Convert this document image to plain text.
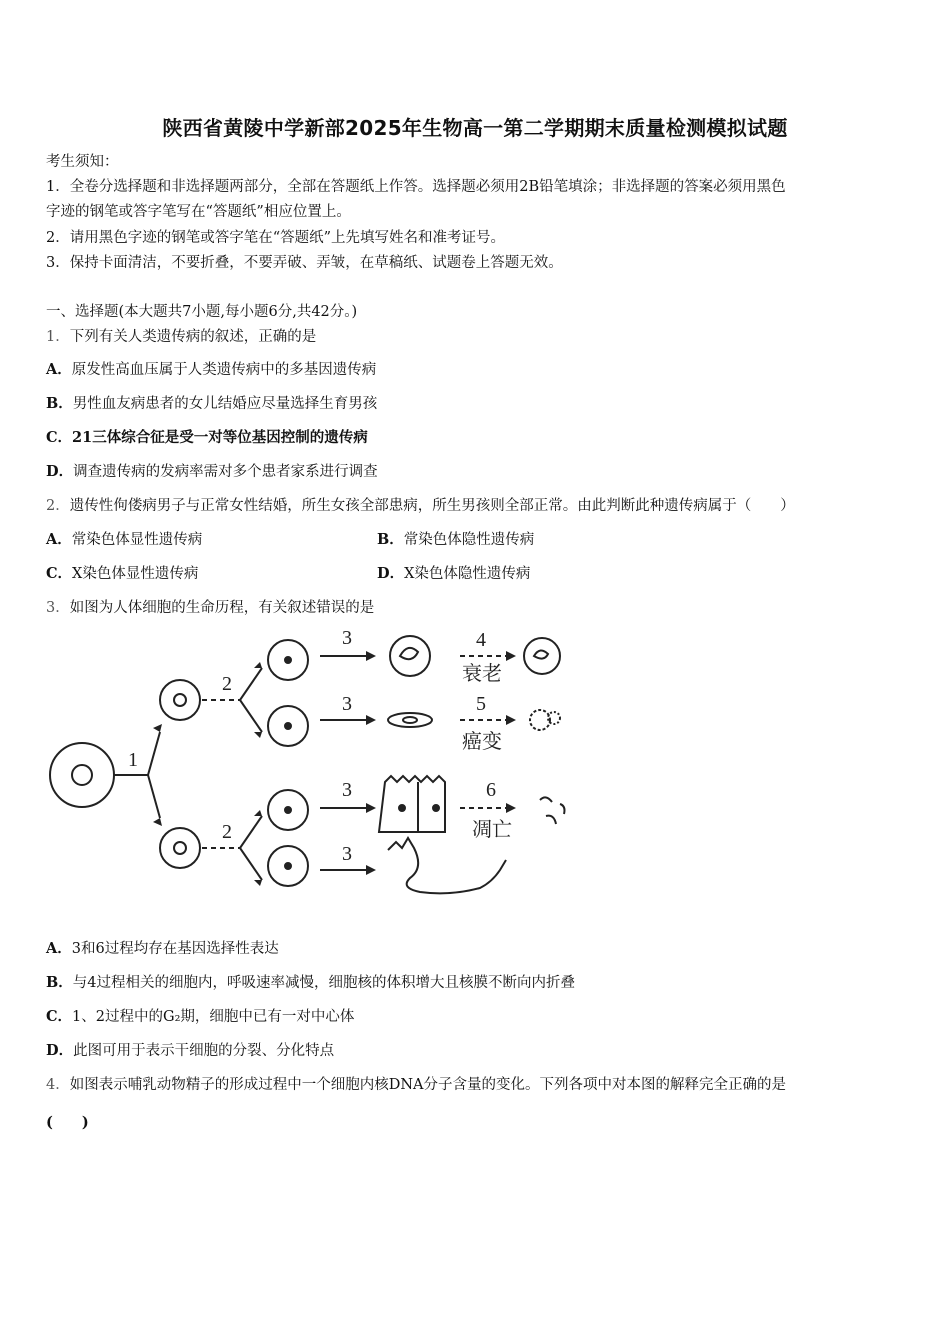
陕西省黄陵中学新部2025年生物高一第二学期期末质量检测模拟试题
考生须知：
1．全卷分选择题和非选择题两部分，全部在答题纸上作答。选择题必须用2B铅笔填涂；非选择题的答案必须用黑色
字迹的钢笔或答字笔写在“答题纸”相应位置上。
2．请用黑色字迹的钢笔或答字笔在“答题纸”上先填写姓名和准考证号。
3．保持卡面清洁，不要折叠，不要弄破、弄皱，在草稿纸、试题卷上答题无效。
一、选择题(本大题共7小题,每小题6分,共42分。)
1．下列有关人类遗传病的叙述，正确的是
A．原发性高血压属于人类遗传病中的多基因遗传病
B．男性血友病患者的女儿结婚应尽量选择生育男孩
C．21三体综合征是受一对等位基因控制的遗传病
D．调查遗传病的发病率需对多个患者家系进行调查
2．遗传性佝偻病男子与正常女性结婚，所生女孩全部患病，所生男孩则全部正常。由此判断此种遗传病属于（　　）
A．常染色体显性遗传病	B．常染色体隐性遗传病
C．X染色体显性遗传病	D．X染色体隐性遗传病
3．如图为人体细胞的生命历程，有关叙述错误的是
1
2
2
3
3
3
3
4
5
6
衰老
癌变
凋亡
A．3和6过程均存在基因选择性表达
B．与4过程相关的细胞内，呼吸速率减慢，细胞核的体积增大且核膜不断向内折叠
C．1、2过程中的G₂期，细胞中已有一对中心体
D．此图可用于表示干细胞的分裂、分化特点
4．如图表示哺乳动物精子的形成过程中一个细胞内核DNA分子含量的变化。下列各项中对本图的解释完全正确的是
(　　)
